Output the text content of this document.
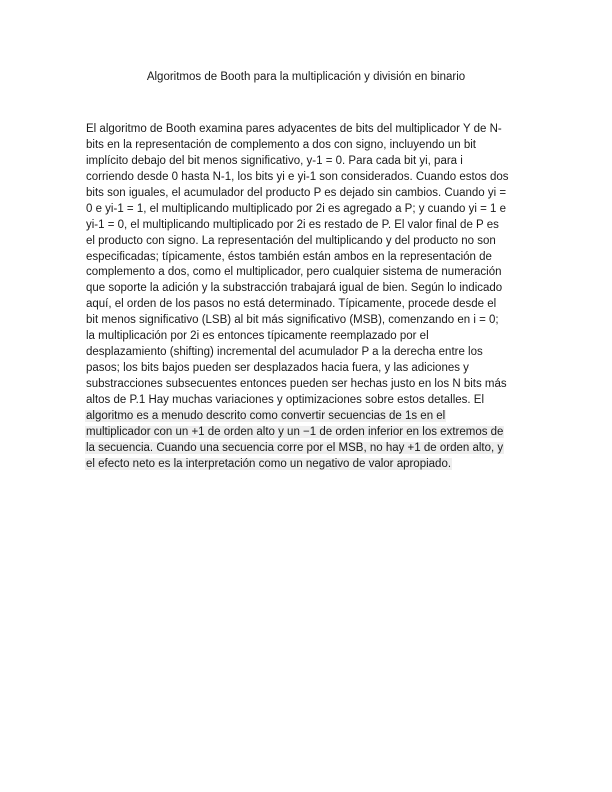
Algoritmos de Booth para la multiplicación y división en binario
El algoritmo de Booth examina pares adyacentes de bits del multiplicador Y de N-
bits en la representación de complemento a dos con signo, incluyendo un bit
implícito debajo del bit menos significativo, y-1 = 0. Para cada bit yi, para i
corriendo desde 0 hasta N-1, los bits yi e yi-1 son considerados. Cuando estos dos
bits son iguales, el acumulador del producto P es dejado sin cambios. Cuando yi =
0 e yi-1 = 1, el multiplicando multiplicado por 2i es agregado a P; y cuando yi = 1 e
yi-1 = 0, el multiplicando multiplicado por 2i es restado de P. El valor final de P es
el producto con signo. La representación del multiplicando y del producto no son
especificadas; típicamente, éstos también están ambos en la representación de
complemento a dos, como el multiplicador, pero cualquier sistema de numeración
que soporte la adición y la substracción trabajará igual de bien. Según lo indicado
aquí, el orden de los pasos no está determinado. Típicamente, procede desde el
bit menos significativo (LSB) al bit más significativo (MSB), comenzando en i = 0;
la multiplicación por 2i es entonces típicamente reemplazado por el
desplazamiento (shifting) incremental del acumulador P a la derecha entre los
pasos; los bits bajos pueden ser desplazados hacia fuera, y las adiciones y
substracciones subsecuentes entonces pueden ser hechas justo en los N bits más
altos de P.1 Hay muchas variaciones y optimizaciones sobre estos detalles. El
algoritmo es a menudo descrito como convertir secuencias de 1s en el
multiplicador con un +1 de orden alto y un −1 de orden inferior en los extremos de
la secuencia. Cuando una secuencia corre por el MSB, no hay +1 de orden alto, y
el efecto neto es la interpretación como un negativo de valor apropiado.
